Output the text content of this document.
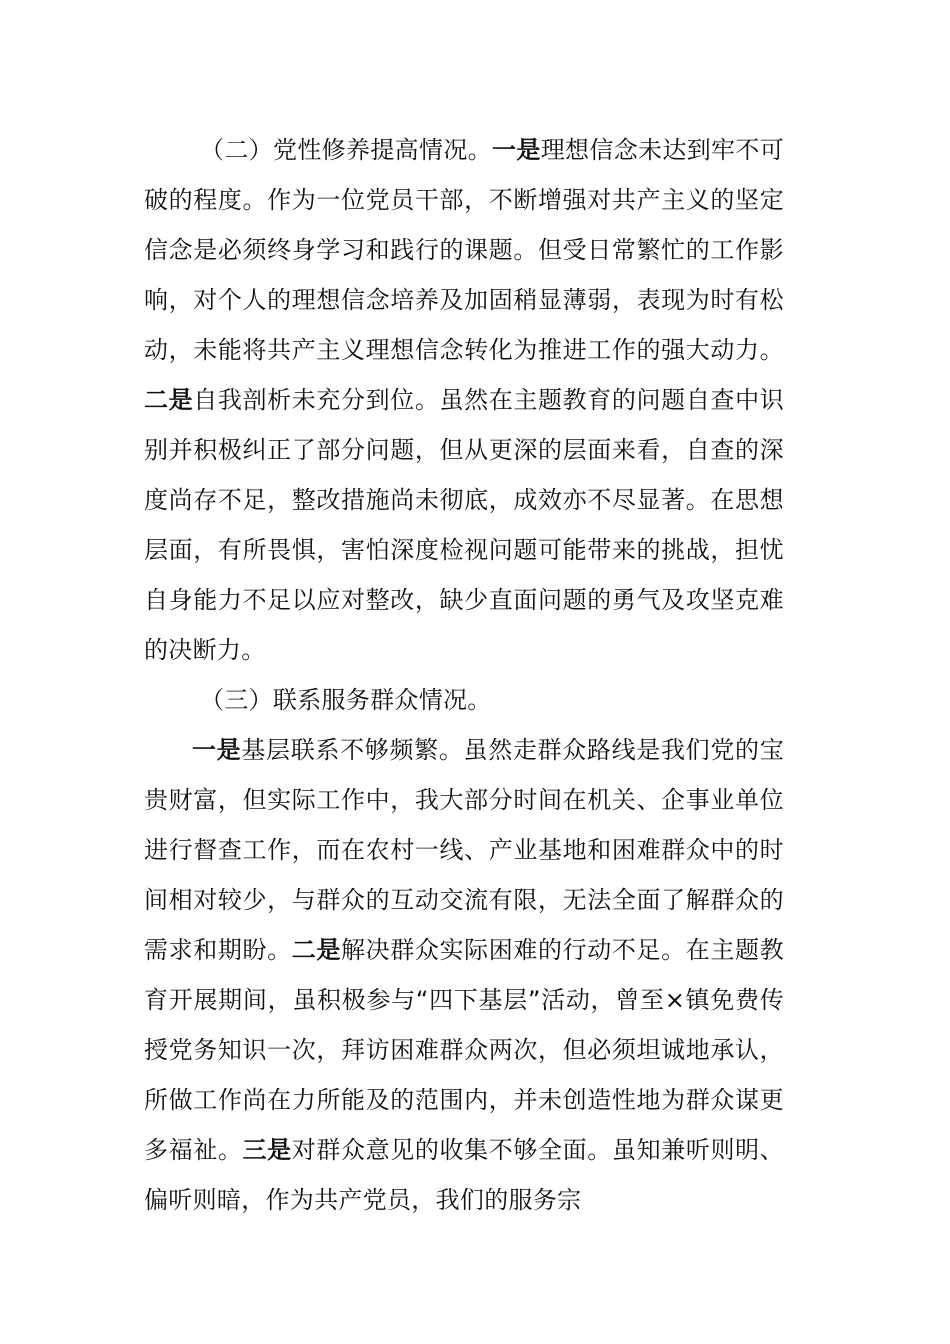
（二）党性修养提高情况。一是理想信念未达到牢不可破的程度。作为一位党员干部，不断增强对共产主义的坚定信念是必须终身学习和践行的课题。但受日常繁忙的工作影响，对个人的理想信念培养及加固稍显薄弱，表现为时有松动，未能将共产主义理想信念转化为推进工作的强大动力。二是自我剖析未充分到位。虽然在主题教育的问题自查中识别并积极纠正了部分问题，但从更深的层面来看，自查的深度尚存不足，整改措施尚未彻底，成效亦不尽显著。在思想层面，有所畏惧，害怕深度检视问题可能带来的挑战，担忧自身能力不足以应对整改，缺少直面问题的勇气及攻坚克难的决断力。

（三）联系服务群众情况。

一是基层联系不够频繁。虽然走群众路线是我们党的宝贵财富，但实际工作中，我大部分时间在机关、企事业单位进行督查工作，而在农村一线、产业基地和困难群众中的时间相对较少，与群众的互动交流有限，无法全面了解群众的需求和期盼。二是解决群众实际困难的行动不足。在主题教育开展期间，虽积极参与“四下基层”活动，曾至×镇免费传授党务知识一次，拜访困难群众两次，但必须坦诚地承认，所做工作尚在力所能及的范围内，并未创造性地为群众谋更多福祉。三是对群众意见的收集不够全面。虽知兼听则明、偏听则暗，作为共产党员，我们的服务宗
